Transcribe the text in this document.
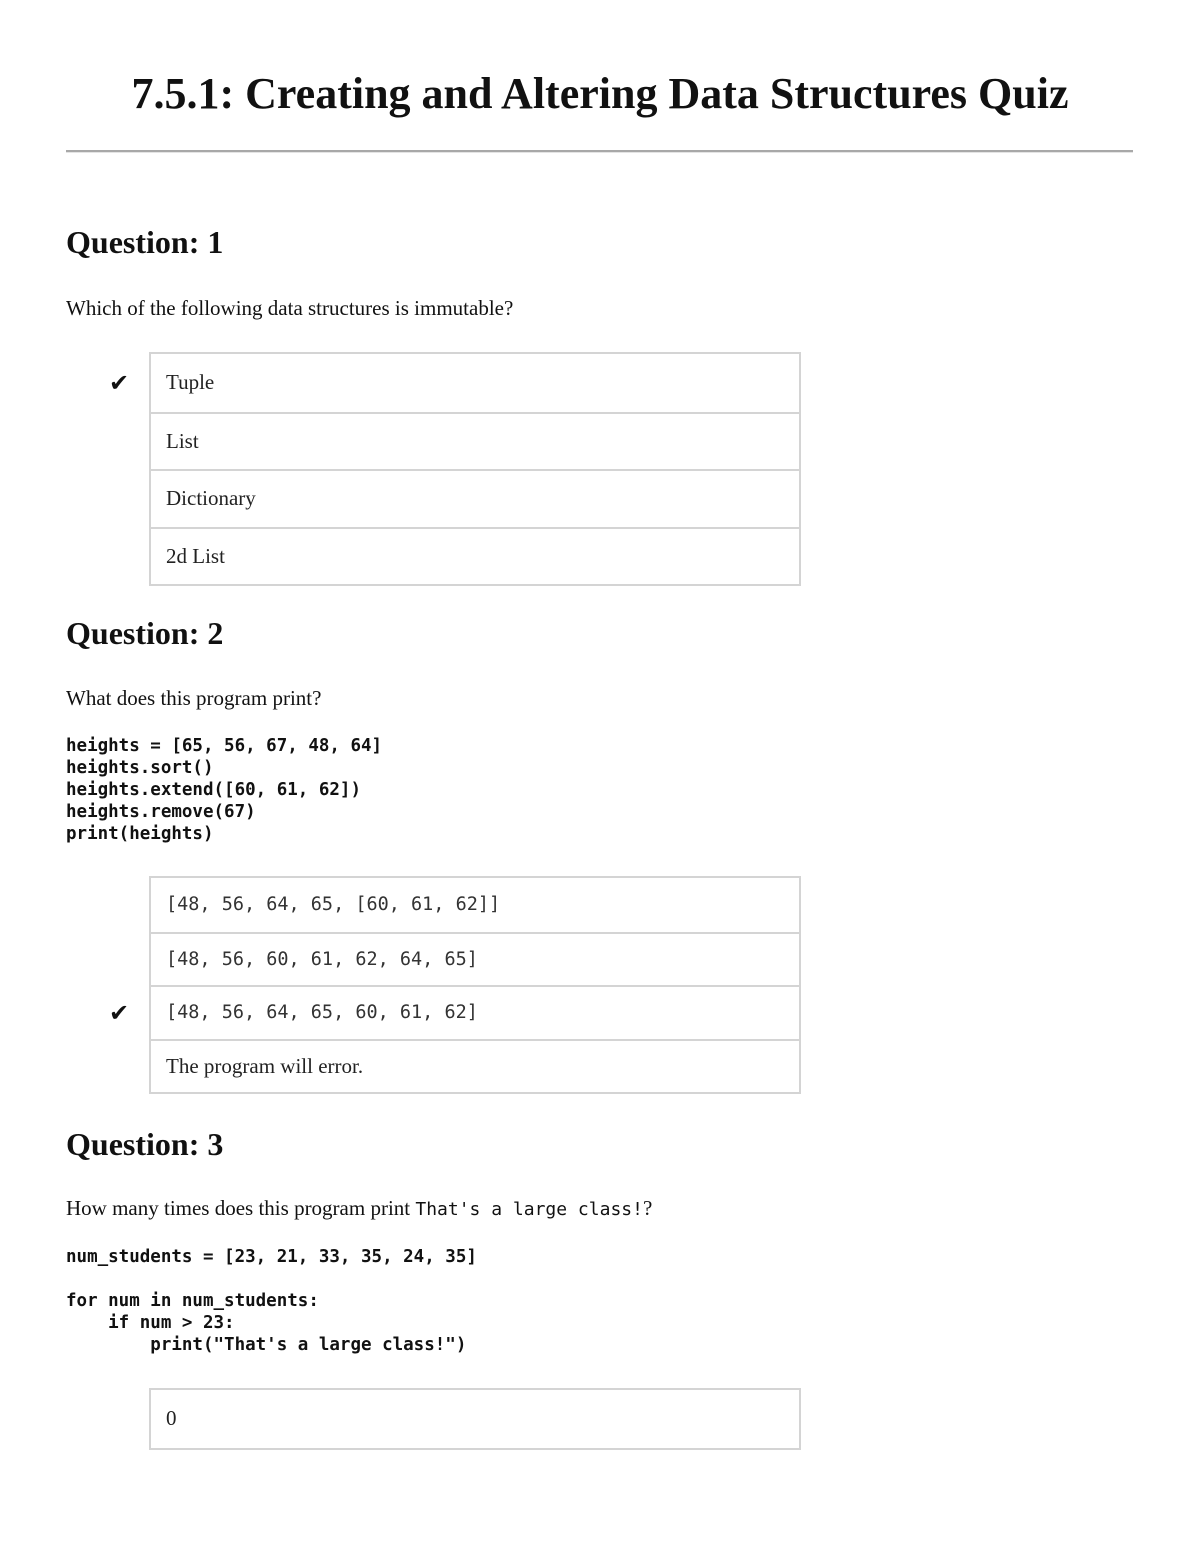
7.5.1: Creating and Altering Data Structures Quiz
Question: 1

Which of the following data structures is immutable?

✔ Tuple
List
Dictionary
2d List
Question: 2

What does this program print?

heights = [65, 56, 67, 48, 64]
heights.sort()
heights.extend([60, 61, 62])
heights.remove(67)
print(heights)
[48, 56, 64, 65, [60, 61, 62]]
[48, 56, 60, 61, 62, 64, 65]
✔ [48, 56, 64, 65, 60, 61, 62]
The program will error.
Question: 3

How many times does this program print That's a large class!?

num_students = [23, 21, 33, 35, 24, 35]

for num in num_students:
if num > 23:
print("That's a large class!")
0
